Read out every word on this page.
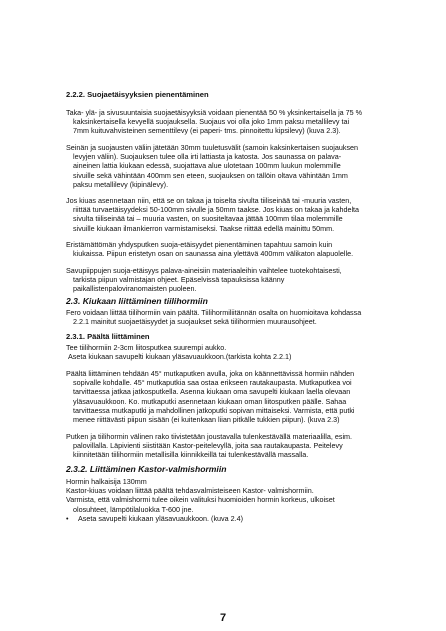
2.2.2. Suojaetäisyyksien pienentäminen

Taka- ylä- ja sivusuuntaisia suojaetäisyyksiä voidaan pienentää 50 % yksinkertaisella ja 75 %

kaksinkertaisella kevyellä suojauksella. Suojaus voi olla joko 1mm paksu metallilevy tai

7mm kuituvahvisteinen sementtilevy (ei paperi- tms. pinnoitettu kipsilevy) (kuva 2.3).

Seinän ja suojausten väliin jätetään 30mm tuuletusvälit (samoin kaksinkertaisen suojauksen

levyjen väliin). Suojauksen tulee olla irti lattiasta ja katosta. Jos saunassa on palava-

aineinen lattia kiukaan edessä, suojattava alue ulotetaan 100mm luukun molemmille

sivuille sekä vähintään 400mm sen eteen, suojauksen on tällöin oltava vähintään 1mm

paksu metallilevy (kipinälevy).

Jos kiuas asennetaan niin, että se on takaa ja toiselta sivulta tiiliseinää tai -muuria vasten,

riittää turvaetäisyydeksi 50-100mm sivulle ja 50mm taakse. Jos kiuas on takaa ja kahdelta

sivulta tiiliseinää tai – muuria vasten, on suositeltavaa jättää 100mm tilaa molemmille

sivuille kiukaan ilmankierron varmistamiseksi. Taakse riittää edellä mainittu 50mm.

Eristämättömän yhdysputken suoja-etäisyydet pienentäminen tapahtuu samoin kuin

kiukaissa. Piipun eristetyn osan on saunassa aina ylettävä 400mm välikaton alapuolelle.

Savupiippujen suoja-etäisyys palava-aineisiin materiaaleihin vaihtelee tuotekohtaisesti,

tarkista piipun valmistajan ohjeet. Epäselvissä tapauksissa käänny

paikallistenpaloviranomaisten puoleen.

2.3. Kiukaan liittäminen tiilihormiin

Fero voidaan liittää tiilihormiin vain päältä. Tiilihormiliitännän osalta on huomioitava kohdassa

2.2.1 mainitut suojaetäisyydet ja suojaukset sekä tiilihormien muurausohjeet.

2.3.1. Päältä liittäminen

Tee tiilihormiin 2-3cm liitosputkea suurempi aukko.

Aseta kiukaan savupelti kiukaan yläsavuaukkoon.(tarkista kohta 2.2.1)

Päältä liittäminen tehdään 45° mutkaputken avulla, joka on käännettävissä hormiin nähden

sopivalle kohdalle. 45° mutkaputkia saa ostaa erikseen rautakaupasta. Mutkaputkea voi

tarvittaessa jatkaa jatkosputkella. Asenna kiukaan oma savupelti kiukaan laella olevaan

yläsavuaukkoon. Ko. mutkaputki asennetaan kiukaan oman liitosputken päälle. Sahaa

tarvittaessa mutkaputki ja mahdollinen jatkoputki sopivan mittaiseksi. Varmista, että putki

menee riittävästi piipun sisään (ei kuitenkaan liian pitkälle tukkien piipun). (kuva 2.3)

Putken ja tiilihormin välinen rako tiivistetään joustavalla tulenkestävällä materiaalilla, esim.

palovillalla. Läpivienti siistitään Kastor-peitelevyllä, joita saa rautakaupasta. Peitelevy

kiinnitetään tiilihormiin metallisilla kiinnikkeillä tai tulenkestävällä massalla.

2.3.2. Liittäminen Kastor-valmishormiin

Hormin halkaisija 130mm

Kastor-kiuas voidaan liittää päältä tehdasvalmisteiseen Kastor- valmishormiin.

Varmista, että valmishormi tulee oikein valituksi huomioiden hormin korkeus, ulkoiset

olosuhteet, lämpötilaluokka T-600 jne.

• Aseta savupelti kiukaan yläsavuaukkoon. (kuva 2.4)

7
